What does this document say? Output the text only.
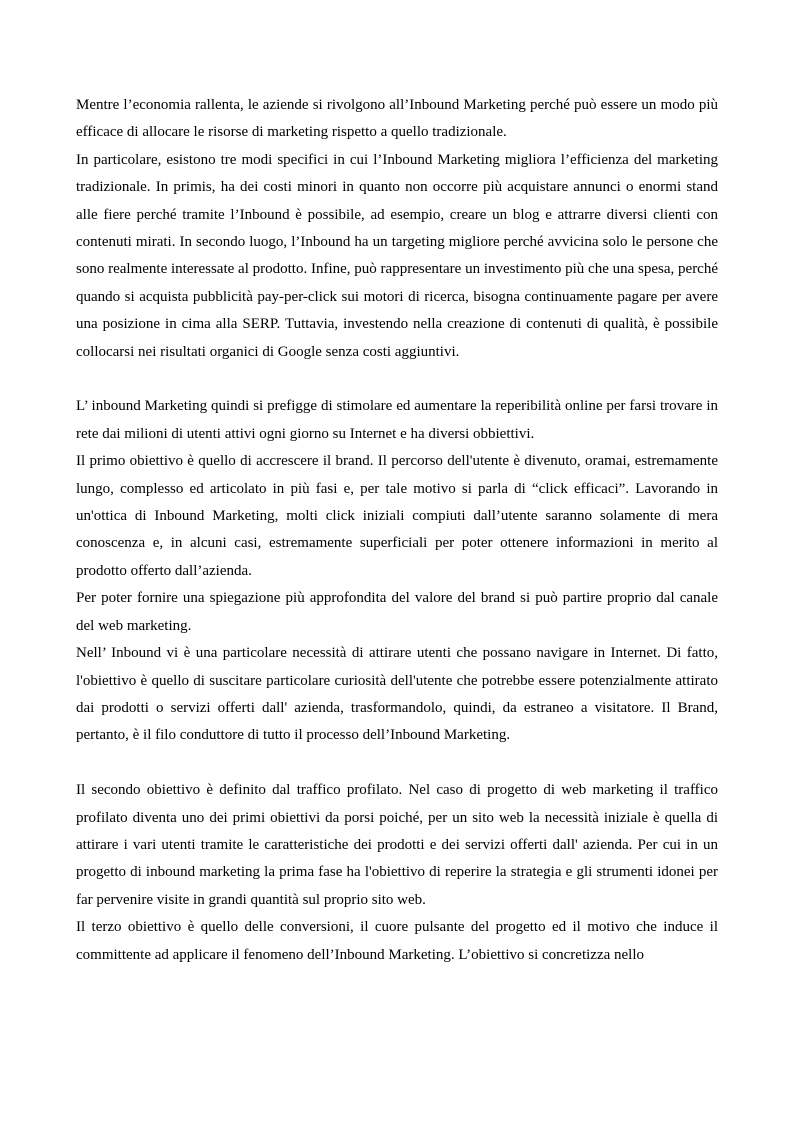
Mentre l’economia rallenta, le aziende si rivolgono all’Inbound Marketing perché può essere un modo più efficace di allocare le risorse di marketing rispetto a quello tradizionale.

In particolare, esistono tre modi specifici in cui l’Inbound Marketing migliora l’efficienza del marketing tradizionale. In primis, ha dei costi minori in quanto non occorre più acquistare annunci o enormi stand alle fiere perché tramite l’Inbound è possibile, ad esempio, creare un blog e attrarre diversi clienti con contenuti mirati. In secondo luogo, l’Inbound ha un targeting migliore perché avvicina solo le persone che sono realmente interessate al prodotto. Infine, può rappresentare un investimento più che una spesa, perché quando si acquista pubblicità pay-per-click sui motori di ricerca, bisogna continuamente pagare per avere una posizione in cima alla SERP. Tuttavia, investendo nella creazione di contenuti di qualità, è possibile collocarsi nei risultati organici di Google senza costi aggiuntivi.

L’ inbound Marketing quindi si prefigge di stimolare ed aumentare la reperibilità online per farsi trovare in rete dai milioni di utenti attivi ogni giorno su Internet e ha diversi obbiettivi.

Il primo obiettivo è quello di accrescere il brand. Il percorso dell'utente è divenuto, oramai, estremamente lungo, complesso ed articolato in più fasi e, per tale motivo si parla di “click efficaci”. Lavorando in un'ottica di Inbound Marketing, molti click iniziali compiuti dall’utente saranno solamente di mera conoscenza e, in alcuni casi, estremamente superficiali per poter ottenere informazioni in merito al prodotto offerto dall’azienda.

Per poter fornire una spiegazione più approfondita del valore del brand si può partire proprio dal canale del web marketing.

Nell’ Inbound vi è una particolare necessità di attirare utenti che possano navigare in Internet. Di fatto, l'obiettivo è quello di suscitare particolare curiosità dell'utente che potrebbe essere potenzialmente attirato dai prodotti o servizi offerti dall' azienda, trasformandolo, quindi, da estraneo a visitatore. Il Brand, pertanto, è il filo conduttore di tutto il processo dell’Inbound Marketing.

Il secondo obiettivo è definito dal traffico profilato. Nel caso di progetto di web marketing il traffico profilato diventa uno dei primi obiettivi da porsi poiché, per un sito web la necessità iniziale è quella di attirare i vari utenti tramite le caratteristiche dei prodotti e dei servizi offerti dall' azienda. Per cui in un progetto di inbound marketing la prima fase ha l'obiettivo di reperire la strategia e gli strumenti idonei per far pervenire visite in grandi quantità sul proprio sito web.

Il terzo obiettivo è quello delle conversioni, il cuore pulsante del progetto ed il motivo che induce il committente ad applicare il fenomeno dell’Inbound Marketing. L’obiettivo si concretizza nello
